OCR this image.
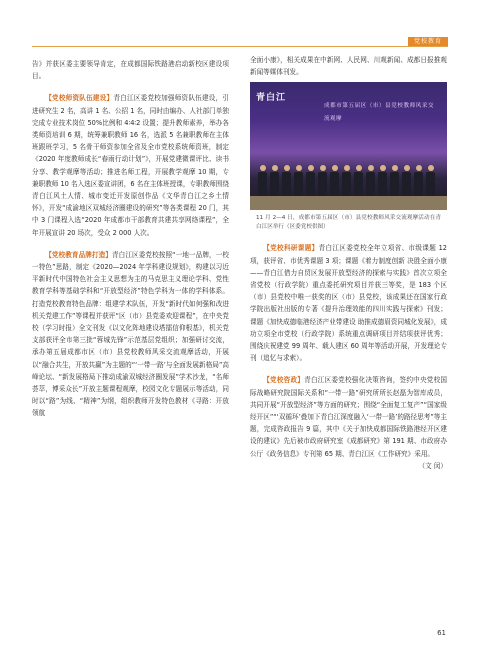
党校教育

告》并获区委主要领导肯定，在成都国际铁路港启动新校区建设项目。

【党校师资队伍建设】青白江区委党校加强师资队伍建设，引进研究生 2 名，高讲 1 名、公招 1 名，同时由编办、人社部门单独完成专业技术岗位 50%比例和 4∶4∶2 设置；提升教师素养，举办各类师资培训 6 期，统筹兼职教师 16 名，选派 5 名兼职教师在主体班跟班学习，5 名骨干师资参加全省及全市党校系统师资班，制定《2020 年度教师成长“春雨行动计划”》，开展党建微课评比、读书分享、教学观摩等活动；推进名师工程，开展教学观摩 10 期，专兼职教师 10 名入选区委宣讲团，6 名在主体班授课，专职教师围绕青白江风土人情、城市变迁开发原创作品《文华青白江之乡土情怀》，开发“成渝地区双城经济圈建设的研究”等各类课程 20 门，其中 3 门课程入选“2020 年成都市干部教育共建共享网络课程”，全年开展宣讲 20 场次，受众 2 000 人次。

【党校教育品牌打造】青白江区委党校按照“一地一品牌，一校一特色”思路，制定《2020—2024 年学科建设规划》，构建以习近平新时代中国特色社会主义思想为主的马克思主义理论学科、党性教育学科等基础学科和“开放型经济”特色学科为一体的学科体系。打造党校教育特色品牌：组建学术队伍，开发“新时代如何强和改进机关党建工作”等课程并获评“区（市）县党委欢迎课程”，在中央党校（学习时报）全文刊发《以文化阵地建设塔擂信仰根基》，机关党支部获评全市第三批“蓉城先锋”示范基层党组织；加强研讨交流，承办第五届成都市区（市）县党校教师风采交流观摩活动，开展以“融合共生，开放共赢”为主题的“‘一带一路’与全面发展新格局”高峰论坛、“新发展格局下推动成渝双城经济圈发展”学术沙龙，“名师荟萃，博采众长”开放主题课程观摩，校园文化专题展示等活动，同时以“路”为线、“精神”为纲，组织教师开发特色教材《寻路：开放领航

全面小康》，相关成果在中新网、人民网、川观新闻、成都日报推观新闻等媒体刊发。

青白江
成都市第五届区（市）县党校教师风采交流观摩
11 月 2—4 日，成都市第五届区（市）县党校教师风采交流观摩活动在青白江区举行（区委党校供图）

【党校科研课题】青白江区委党校全年立项省、市级课题 12 项，获评省、市优秀课题 3 项；课题《着力制度创新 决胜全面小康——青白江借力自贸区发展开放型经济的探索与实践》首次立项全省党校（行政学院）重点委托研究项目并获三等奖，是 183 个区（市）县党校中唯一获奖的区（市）县党校，该成果还在国家行政学院出版社出版的专著《提升治理效能的四川实践与探索》刊发；课题《加快成德临港经济产业带建设 助推成德眉资同城化发展》，成功立项全市党校（行政学院）系统重点调研项目并结项获评优秀；围绕庆祝建党 99 周年、载人建区 60 周年等活动开展，开发理论专刊（追忆与求索）。

【党校咨政】青白江区委党校强化决策咨询，签约中央党校国际战略研究院国际关系和“一带一路”研究所所长赵磊为智库成员，共同开展“开放型经济”等方面的研究；围绕“全面复工复产”“国家级经开区”“‘双循环’叠加下青白江深度融入‘一带一路’的路径思考”等主题，完成咨政报告 9 篇，其中《关于加快成都国际铁路港经开区建设的建议》先后被市政府研究室《成都研究》第 191 期、市政府办公厅《政务信息》专刊第 65 期、青白江区《工作研究》采用。

（文 闵）
61
